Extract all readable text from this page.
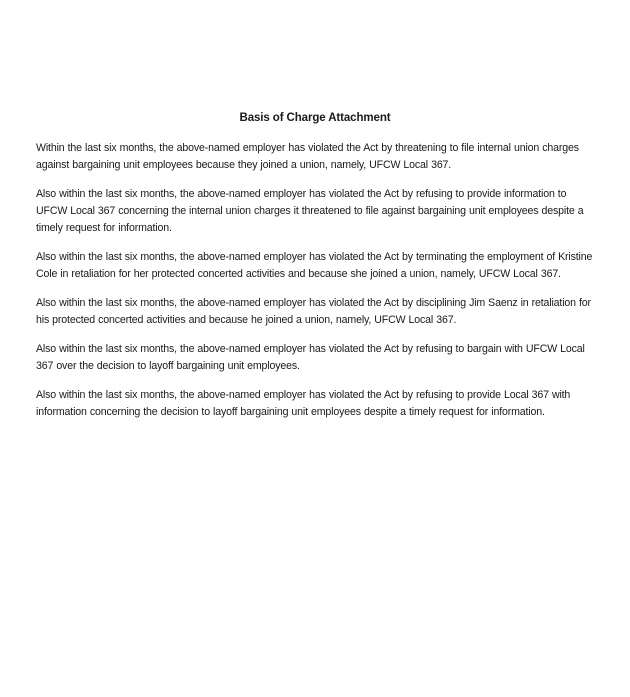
Basis of Charge Attachment

Within the last six months, the above-named employer has violated the Act by threatening to file internal union charges against bargaining unit employees because they joined a union, namely, UFCW Local 367.

Also within the last six months, the above-named employer has violated the Act by refusing to provide information to UFCW Local 367 concerning the internal union charges it threatened to file against bargaining unit employees despite a timely request for information.

Also within the last six months, the above-named employer has violated the Act by terminating the employment of Kristine Cole in retaliation for her protected concerted activities and because she joined a union, namely, UFCW Local 367.

Also within the last six months, the above-named employer has violated the Act by disciplining Jim Saenz in retaliation for his protected concerted activities and because he joined a union, namely, UFCW Local 367.

Also within the last six months, the above-named employer has violated the Act by refusing to bargain with UFCW Local 367 over the decision to layoff bargaining unit employees.

Also within the last six months, the above-named employer has violated the Act by refusing to provide Local 367 with information concerning the decision to layoff bargaining unit employees despite a timely request for information.
